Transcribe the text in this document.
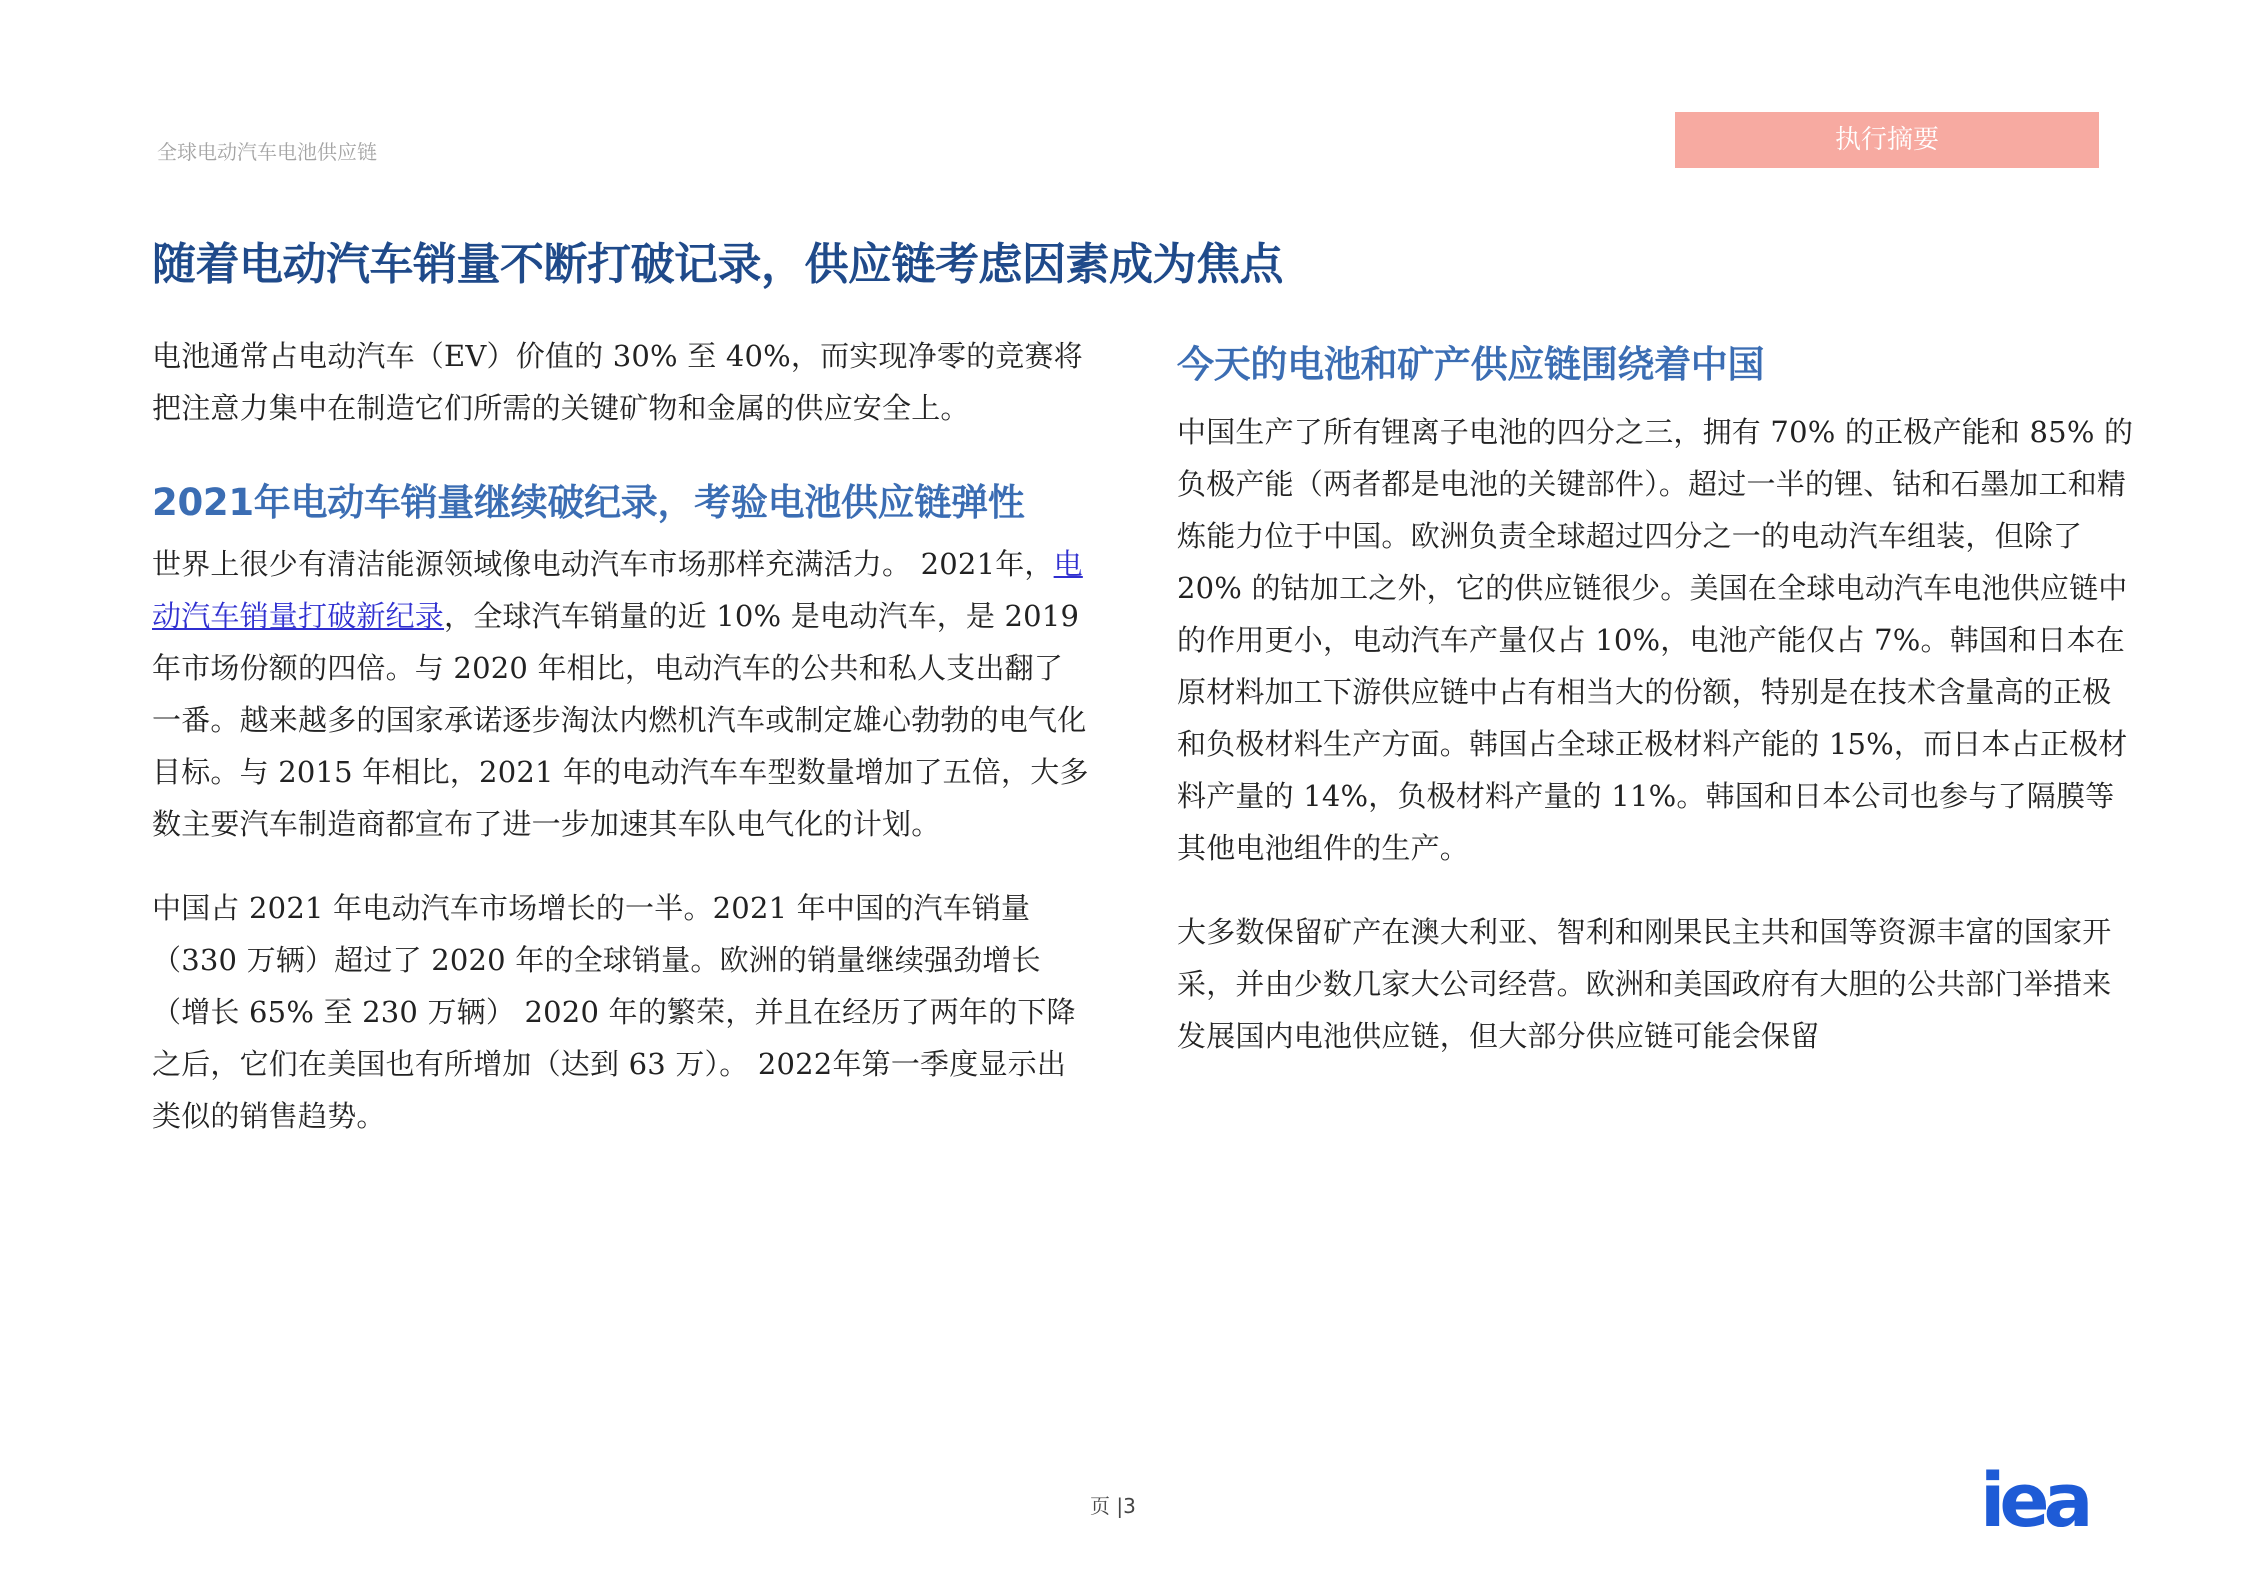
全球电动汽车电池供应链	执行摘要
随着电动汽车销量不断打破记录，供应链考虑因素成为焦点

电池通常占电动汽车（EV）价值的 30% 至 40%，而实现净零的竞赛将把注意力集中在制造它们所需的关键矿物和金属的供应安全上。

2021年电动车销量继续破纪录，考验电池供应链弹性

世界上很少有清洁能源领域像电动汽车市场那样充满活力。 2021年，电动汽车销量打破新纪录，全球汽车销量的近 10% 是电动汽车，是 2019 年市场份额的四倍。与 2020 年相比，电动汽车的公共和私人支出翻了一番。越来越多的国家承诺逐步淘汰内燃机汽车或制定雄心勃勃的电气化目标。与 2015 年相比，2021 年的电动汽车车型数量增加了五倍，大多数主要汽车制造商都宣布了进一步加速其车队电气化的计划。

中国占 2021 年电动汽车市场增长的一半。2021 年中国的汽车销量（330 万辆）超过了 2020 年的全球销量。欧洲的销量继续强劲增长（增长 65% 至 230 万辆） 2020 年的繁荣，并且在经历了两年的下降之后，它们在美国也有所增加（达到 63 万）。 2022年第一季度显示出类似的销售趋势。

今天的电池和矿产供应链围绕着中国

中国生产了所有锂离子电池的四分之三，拥有 70% 的正极产能和 85% 的负极产能（两者都是电池的关键部件）。超过一半的锂、钴和石墨加工和精炼能力位于中国。欧洲负责全球超过四分之一的电动汽车组装，但除了 20% 的钴加工之外，它的供应链很少。美国在全球电动汽车电池供应链中的作用更小，电动汽车产量仅占 10%，电池产能仅占 7%。韩国和日本在原材料加工下游供应链中占有相当大的份额，特别是在技术含量高的正极和负极材料生产方面。韩国占全球正极材料产能的 15%，而日本占正极材料产量的 14%，负极材料产量的 11%。韩国和日本公司也参与了隔膜等其他电池组件的生产。

大多数保留矿产在澳大利亚、智利和刚果民主共和国等资源丰富的国家开采，并由少数几家大公司经营。欧洲和美国政府有大胆的公共部门举措来发展国内电池供应链，但大部分供应链可能会保留

页 |3	iea
